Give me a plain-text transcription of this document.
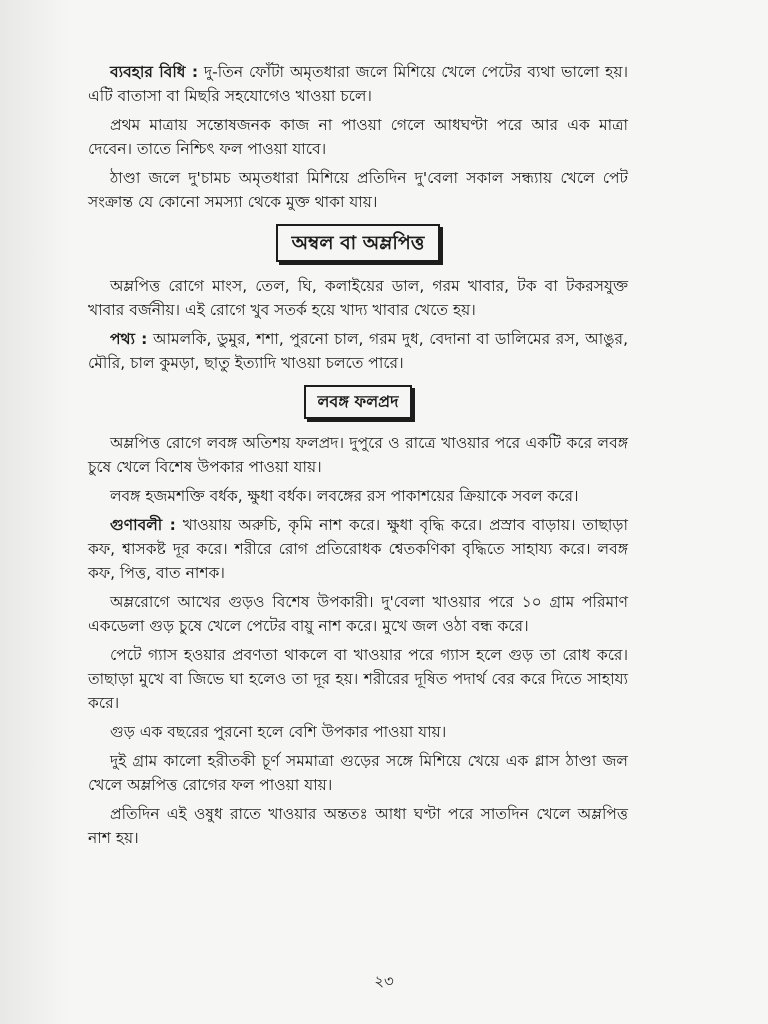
ব্যবহার বিধি : দু-তিন ফোঁটা অমৃতধারা জলে মিশিয়ে খেলে পেটের ব্যথা ভালো হয়। এটি বাতাসা বা মিছরি সহযোগেও খাওয়া চলে।

প্রথম মাত্রায় সন্তোষজনক কাজ না পাওয়া গেলে আধঘণ্টা পরে আর এক মাত্রা দেবেন। তাতে নিশ্চিৎ ফল পাওয়া যাবে।

ঠাণ্ডা জলে দু'চামচ অমৃতধারা মিশিয়ে প্রতিদিন দু'বেলা সকাল সন্ধ্যায় খেলে পেট সংক্রান্ত যে কোনো সমস্যা থেকে মুক্ত থাকা যায়।

অম্বল বা অম্লপিত্ত

অম্লপিত্ত রোগে মাংস, তেল, ঘি, কলাইয়ের ডাল, গরম খাবার, টক বা টকরসযুক্ত খাবার বর্জনীয়। এই রোগে খুব সতর্ক হয়ে খাদ্য খাবার খেতে হয়।

পথ্য : আমলকি, ডুমুর, শশা, পুরনো চাল, গরম দুধ, বেদানা বা ডালিমের রস, আঙুর, মৌরি, চাল কুমড়া, ছাতু ইত্যাদি খাওয়া চলতে পারে।

লবঙ্গ ফলপ্রদ

অম্লপিত্ত রোগে লবঙ্গ অতিশয় ফলপ্রদ। দুপুরে ও রাত্রে খাওয়ার পরে একটি করে লবঙ্গ চুষে খেলে বিশেষ উপকার পাওয়া যায়।

লবঙ্গ হজমশক্তি বর্ধক, ক্ষুধা বর্ধক। লবঙ্গের রস পাকাশয়ের ক্রিয়াকে সবল করে।

গুণাবলী : খাওয়ায় অরুচি, কৃমি নাশ করে। ক্ষুধা বৃদ্ধি করে। প্রস্রাব বাড়ায়। তাছাড়া কফ, শ্বাসকষ্ট দূর করে। শরীরে রোগ প্রতিরোধক শ্বেতকণিকা বৃদ্ধিতে সাহায্য করে। লবঙ্গ কফ, পিত্ত, বাত নাশক।

অম্লরোগে আখের গুড়ও বিশেষ উপকারী। দু'বেলা খাওয়ার পরে ১০ গ্রাম পরিমাণ একডেলা গুড় চুষে খেলে পেটের বায়ু নাশ করে। মুখে জল ওঠা বন্ধ করে।

পেটে গ্যাস হওয়ার প্রবণতা থাকলে বা খাওয়ার পরে গ্যাস হলে গুড় তা রোধ করে। তাছাড়া মুখে বা জিভে ঘা হলেও তা দূর হয়। শরীরের দূষিত পদার্থ বের করে দিতে সাহায্য করে।

গুড় এক বছরের পুরনো হলে বেশি উপকার পাওয়া যায়।

দুই গ্রাম কালো হরীতকী চূর্ণ সমমাত্রা গুড়ের সঙ্গে মিশিয়ে খেয়ে এক গ্লাস ঠাণ্ডা জল খেলে অম্লপিত্ত রোগের ফল পাওয়া যায়।

প্রতিদিন এই ওষুধ রাতে খাওয়ার অন্ততঃ আধা ঘণ্টা পরে সাতদিন খেলে অম্লপিত্ত নাশ হয়।

২৩
